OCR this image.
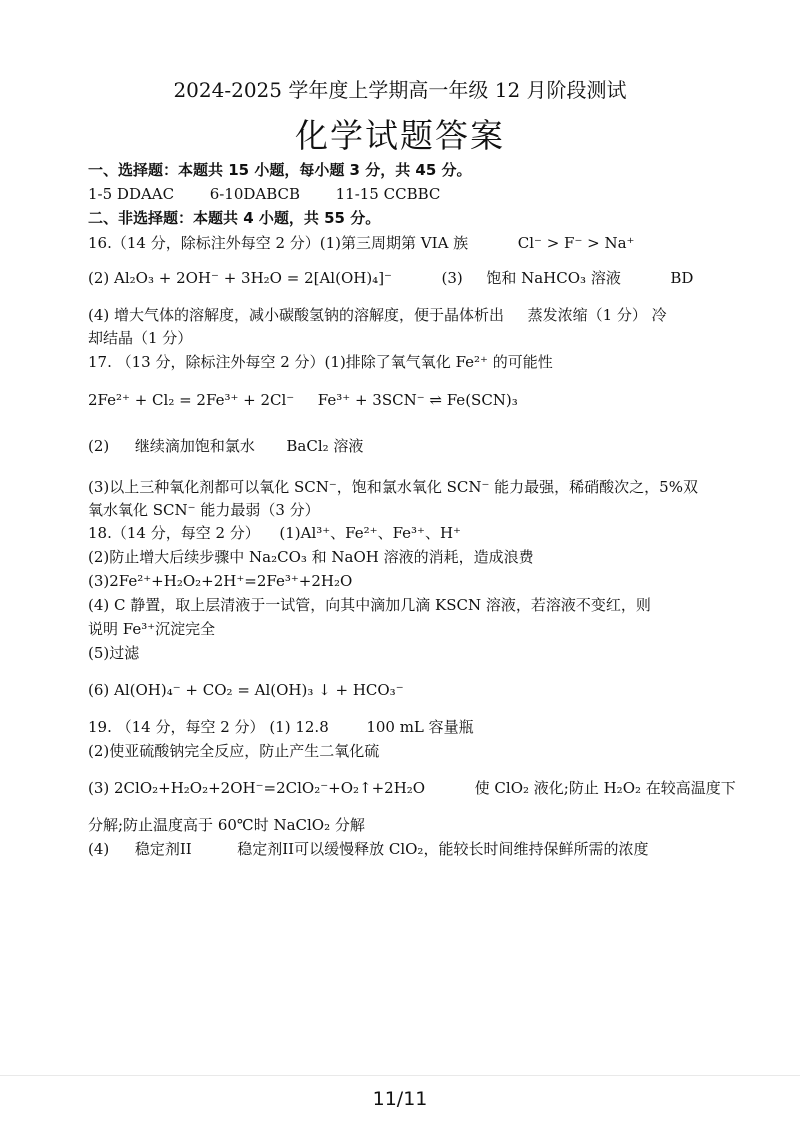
2024-2025 学年度上学期高一年级 12 月阶段测试
化学试题答案
一、选择题：本题共 15 小题，每小题 3 分，共 45 分。
1-5 DDAAC 6-10DABCB 11-15 CCBBC
二、非选择题：本题共 4 小题，共 55 分。
16.（14 分，除标注外每空 2 分）(1)第三周期第 VIA 族	Cl⁻ > F⁻ > Na⁺
(2) Al₂O₃ + 2OH⁻ + 3H₂O = 2[Al(OH)₄]⁻	(3) 饱和 NaHCO₃ 溶液	BD
(4) 增大气体的溶解度，减小碳酸氢钠的溶解度，便于晶体析出 蒸发浓缩（1 分） 冷
却结晶（1 分）
17. （13 分，除标注外每空 2 分）(1)排除了氧气氧化 Fe²⁺ 的可能性
2Fe²⁺ + Cl₂ = 2Fe³⁺ + 2Cl⁻ Fe³⁺ + 3SCN⁻ ⇌ Fe(SCN)₃
(2) 继续滴加饱和氯水 BaCl₂ 溶液
(3)以上三种氧化剂都可以氧化 SCN⁻，饱和氯水氧化 SCN⁻ 能力最强，稀硝酸次之，5%双
氧水氧化 SCN⁻ 能力最弱（3 分）
18.（14 分，每空 2 分） (1)Al³⁺、Fe²⁺、Fe³⁺、H⁺
(2)防止增大后续步骤中 Na₂CO₃ 和 NaOH 溶液的消耗，造成浪费
(3)2Fe²⁺+H₂O₂+2H⁺=2Fe³⁺+2H₂O
(4) C 静置，取上层清液于一试管，向其中滴加几滴 KSCN 溶液，若溶液不变红，则
说明 Fe³⁺沉淀完全
(5)过滤
(6) Al(OH)₄⁻ + CO₂ = Al(OH)₃ ↓ + HCO₃⁻
19. （14 分，每空 2 分） (1) 12.8	100 mL 容量瓶
(2)使亚硫酸钠完全反应，防止产生二氧化硫
(3) 2ClO₂+H₂O₂+2OH⁻=2ClO₂⁻+O₂↑+2H₂O	使 ClO₂ 液化;防止 H₂O₂ 在较高温度下
分解;防止温度高于 60℃时 NaClO₂ 分解
(4) 稳定剂II	稳定剂II可以缓慢释放 ClO₂，能较长时间维持保鲜所需的浓度
11/11
